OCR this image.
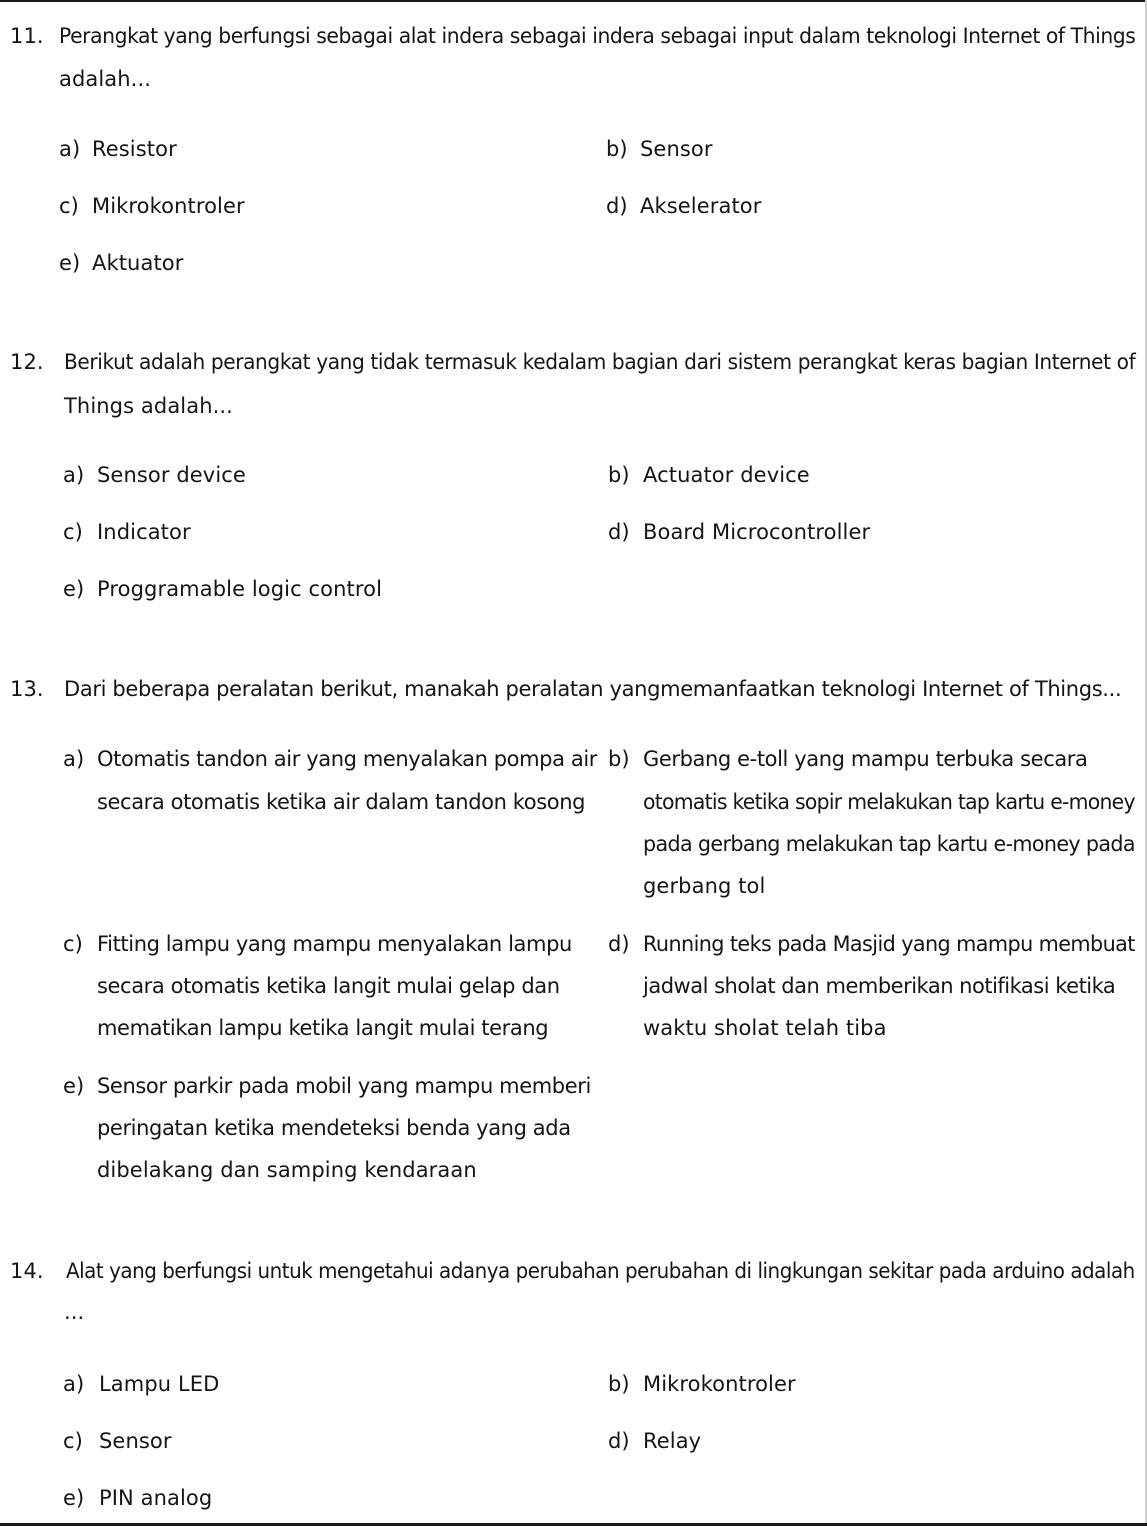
11. Perangkat yang berfungsi sebagai alat indera sebagai indera sebagai input dalam teknologi Internet of Things
adalah...
a) Resistor	b) Sensor
c) Mikrokontroler	d) Akselerator
e) Aktuator
12. Berikut adalah perangkat yang tidak termasuk kedalam bagian dari sistem perangkat keras bagian Internet of
Things adalah...
a) Sensor device	b) Actuator device
c) Indicator	d) Board Microcontroller
e) Proggramable logic control
13. Dari beberapa peralatan berikut, manakah peralatan yangmemanfaatkan teknologi Internet of Things...
a) Otomatis tandon air yang menyalakan pompa air
secara otomatis ketika air dalam tandon kosong
b) Gerbang e-toll yang mampu terbuka secara
otomatis ketika sopir melakukan tap kartu e-money
pada gerbang melakukan tap kartu e-money pada
gerbang tol
c) Fitting lampu yang mampu menyalakan lampu
secara otomatis ketika langit mulai gelap dan
mematikan lampu ketika langit mulai terang
d) Running teks pada Masjid yang mampu membuat
jadwal sholat dan memberikan notifikasi ketika
waktu sholat telah tiba
e) Sensor parkir pada mobil yang mampu memberi
peringatan ketika mendeteksi benda yang ada
dibelakang dan samping kendaraan
14. Alat yang berfungsi untuk mengetahui adanya perubahan perubahan di lingkungan sekitar pada arduino adalah
...
a) Lampu LED	b) Mikrokontroler
c) Sensor	d) Relay
e) PIN analog
